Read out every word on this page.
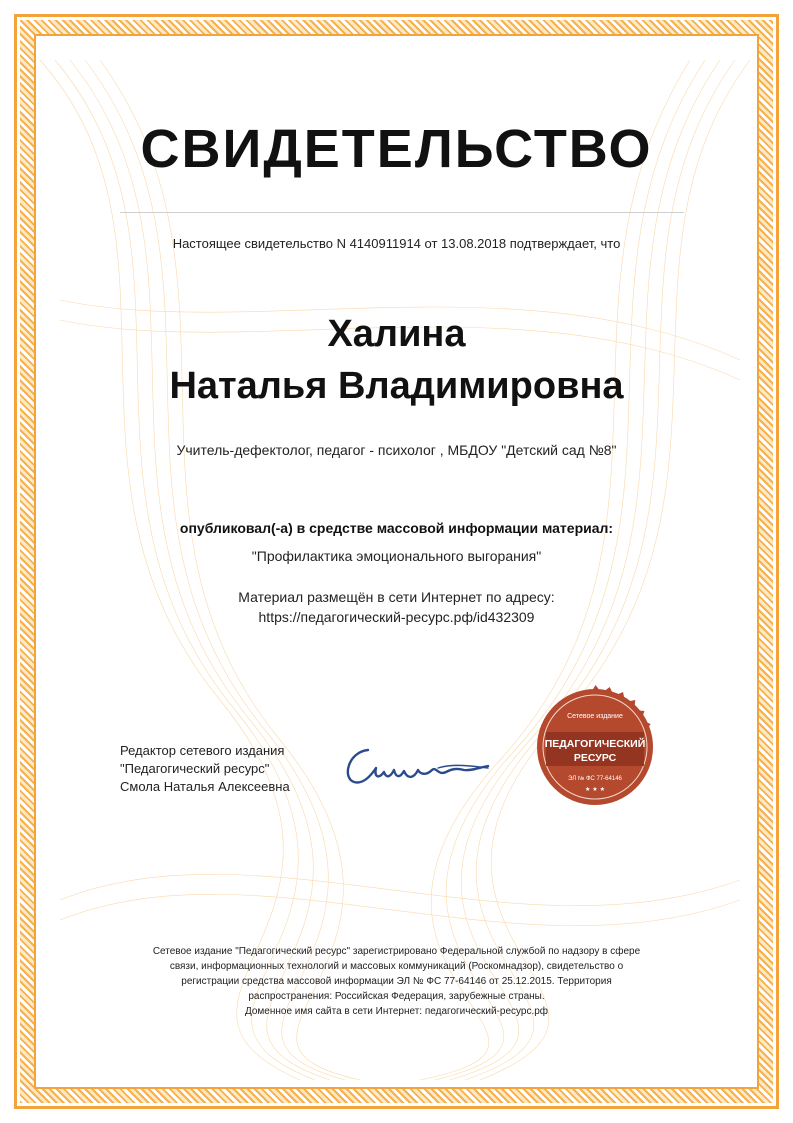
СВИДЕТЕЛЬСТВО
Настоящее свидетельство N 4140911914 от 13.08.2018 подтверждает, что
Халина
Наталья Владимировна
Учитель-дефектолог, педагог - психолог , МБДОУ "Детский сад №8"
опубликовал(-а) в средстве массовой информации материал:
"Профилактика эмоционального выгорания"
Материал размещён в сети Интернет по адресу:
https://педагогический-ресурс.рф/id432309
Редактор сетевого издания
"Педагогический ресурс"
Смола Наталья Алексеевна
Сетевое издание
ПЕДАГОГИЧЕСКИЙ
РЕСУРС
ЭЛ № ФС 77-64146
★ ★ ★
Сетевое издание "Педагогический ресурс" зарегистрировано Федеральной службой по надзору в сфере
связи, информационных технологий и массовых коммуникаций (Роскомнадзор), свидетельство о
регистрации средства массовой информации ЭЛ № ФС 77-64146 от 25.12.2015. Территория
распространения: Российская Федерация, зарубежные страны.
Доменное имя сайта в сети Интернет: педагогический-ресурс.рф
